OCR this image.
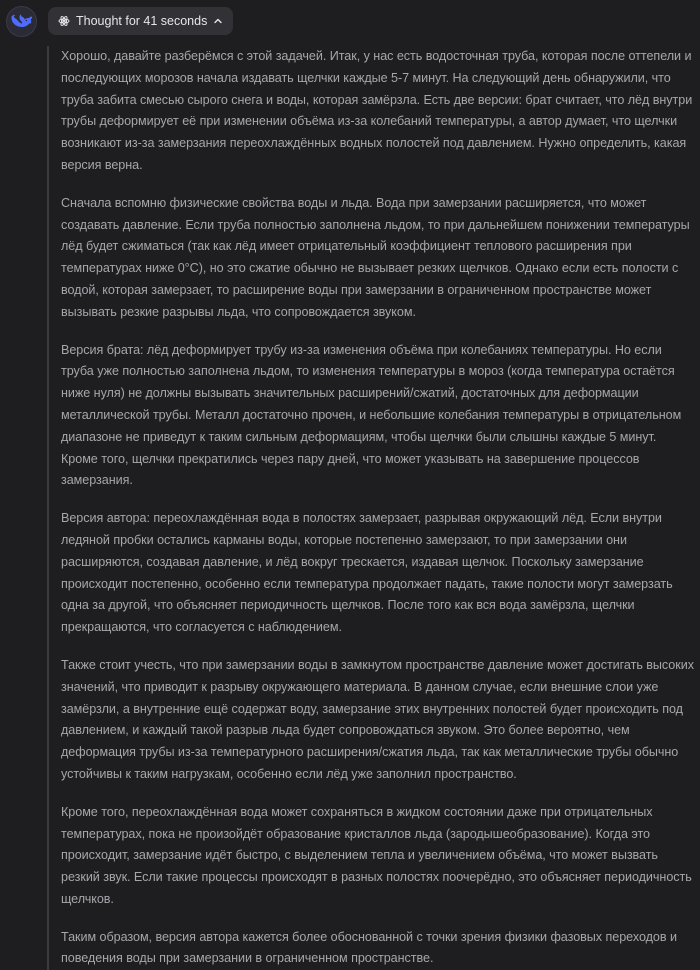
Thought for 41 seconds

Хорошо, давайте разберёмся с этой задачей. Итак, у нас есть водосточная труба, которая после оттепели и последующих морозов начала издавать щелчки каждые 5-7 минут. На следующий день обнаружили, что труба забита смесью сырого снега и воды, которая замёрзла. Есть две версии: брат считает, что лёд внутри трубы деформирует её при изменении объёма из-за колебаний температуры, а автор думает, что щелчки возникают из-за замерзания переохлаждённых водных полостей под давлением. Нужно определить, какая версия верна.

Сначала вспомню физические свойства воды и льда. Вода при замерзании расширяется, что может создавать давление. Если труба полностью заполнена льдом, то при дальнейшем понижении температуры лёд будет сжиматься (так как лёд имеет отрицательный коэффициент теплового расширения при температурах ниже 0°C), но это сжатие обычно не вызывает резких щелчков. Однако если есть полости с водой, которая замерзает, то расширение воды при замерзании в ограниченном пространстве может вызывать резкие разрывы льда, что сопровождается звуком.

Версия брата: лёд деформирует трубу из-за изменения объёма при колебаниях температуры. Но если труба уже полностью заполнена льдом, то изменения температуры в мороз (когда температура остаётся ниже нуля) не должны вызывать значительных расширений/сжатий, достаточных для деформации металлической трубы. Металл достаточно прочен, и небольшие колебания температуры в отрицательном диапазоне не приведут к таким сильным деформациям, чтобы щелчки были слышны каждые 5 минут. Кроме того, щелчки прекратились через пару дней, что может указывать на завершение процессов замерзания.

Версия автора: переохлаждённая вода в полостях замерзает, разрывая окружающий лёд. Если внутри ледяной пробки остались карманы воды, которые постепенно замерзают, то при замерзании они расширяются, создавая давление, и лёд вокруг трескается, издавая щелчок. Поскольку замерзание происходит постепенно, особенно если температура продолжает падать, такие полости могут замерзать одна за другой, что объясняет периодичность щелчков. После того как вся вода замёрзла, щелчки прекращаются, что согласуется с наблюдением.

Также стоит учесть, что при замерзании воды в замкнутом пространстве давление может достигать высоких значений, что приводит к разрыву окружающего материала. В данном случае, если внешние слои уже замёрзли, а внутренние ещё содержат воду, замерзание этих внутренних полостей будет происходить под давлением, и каждый такой разрыв льда будет сопровождаться звуком. Это более вероятно, чем деформация трубы из-за температурного расширения/сжатия льда, так как металлические трубы обычно устойчивы к таким нагрузкам, особенно если лёд уже заполнил пространство.

Кроме того, переохлаждённая вода может сохраняться в жидком состоянии даже при отрицательных температурах, пока не произойдёт образование кристаллов льда (зародышеобразование). Когда это происходит, замерзание идёт быстро, с выделением тепла и увеличением объёма, что может вызвать резкий звук. Если такие процессы происходят в разных полостях поочерёдно, это объясняет периодичность щелчков.

Таким образом, версия автора кажется более обоснованной с точки зрения физики фазовых переходов и поведения воды при замерзании в ограниченном пространстве.
